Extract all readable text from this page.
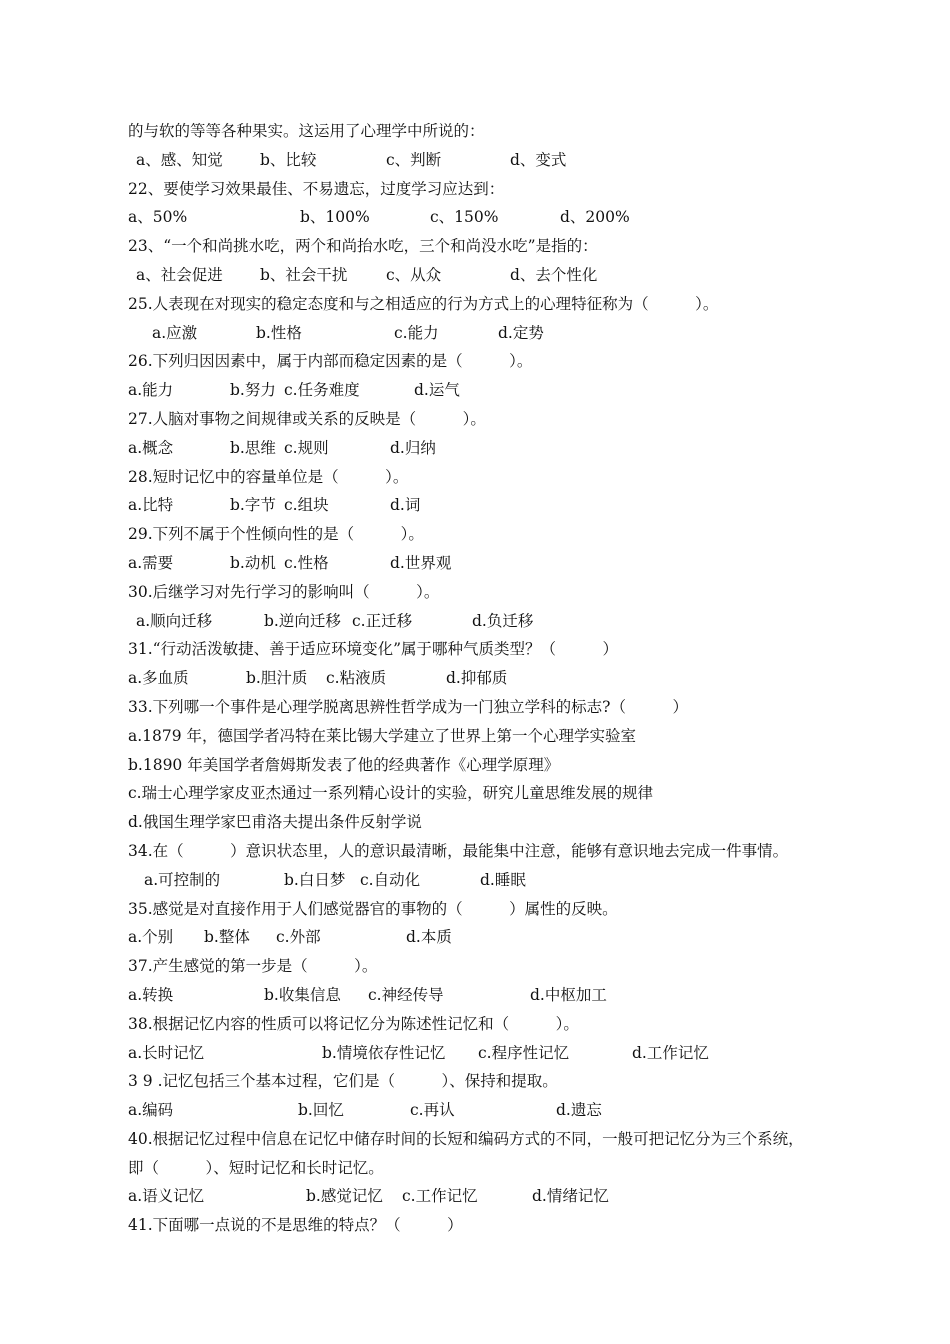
的与软的等等各种果实。这运用了心理学中所说的：
a、感、知觉 b、比较	c、判断	d、变式
22、要使学习效果最佳、不易遗忘，过度学习应达到：
a、50%	b、100%	c、150%	d、200%
23、“一个和尚挑水吃，两个和尚抬水吃，三个和尚没水吃”是指的：
a、社会促进 b、社会干扰 c、从众	d、去个性化
25.人表现在对现实的稳定态度和与之相适应的行为方式上的心理特征称为（　　　）。
a.应激	b.性格	c.能力	d.定势
26.下列归因因素中，属于内部而稳定因素的是（　　　）。
a.能力	b.努力 c.任务难度	d.运气
27.人脑对事物之间规律或关系的反映是（　　　）。
a.概念	b.思维 c.规则	d.归纳
28.短时记忆中的容量单位是（　　　）。
a.比特	b.字节 c.组块	d.词
29.下列不属于个性倾向性的是（　　　）。
a.需要	b.动机 c.性格	d.世界观
30.后继学习对先行学习的影响叫（　　　）。
a.顺向迁移	b.逆向迁移 c.正迁移	d.负迁移
31.“行动活泼敏捷、善于适应环境变化”属于哪种气质类型？（　　　）
a.多血质	b.胆汁质 c.粘液质	d.抑郁质
33.下列哪一个事件是心理学脱离思辨性哲学成为一门独立学科的标志?（　　　）
a.1879 年，德国学者冯特在莱比锡大学建立了世界上第一个心理学实验室
b.1890 年美国学者詹姆斯发表了他的经典著作《心理学原理》
c.瑞士心理学家皮亚杰通过一系列精心设计的实验，研究儿童思维发展的规律
d.俄国生理学家巴甫洛夫提出条件反射学说
34.在（　　　）意识状态里，人的意识最清晰，最能集中注意，能够有意识地去完成一件事情。
a.可控制的	b.白日梦 c.自动化	d.睡眠
35.感觉是对直接作用于人们感觉器官的事物的（　　　）属性的反映。
a.个别 b.整体 c.外部	d.本质
37.产生感觉的第一步是（　　　）。
a.转换	b.收集信息 c.神经传导	d.中枢加工
38.根据记忆内容的性质可以将记忆分为陈述性记忆和（　　　）。
a.长时记忆	b.情境依存性记忆 c.程序性记忆	d.工作记忆
3 9 .记忆包括三个基本过程，它们是（　　　）、保持和提取。
a.编码	b.回忆	c.再认	d.遗忘
40.根据记忆过程中信息在记忆中储存时间的长短和编码方式的不同，一般可把记忆分为三个系统，
即（　　　）、短时记忆和长时记忆。
a.语义记忆	b.感觉记忆 c.工作记忆	d.情绪记忆
41.下面哪一点说的不是思维的特点？（　　　）
